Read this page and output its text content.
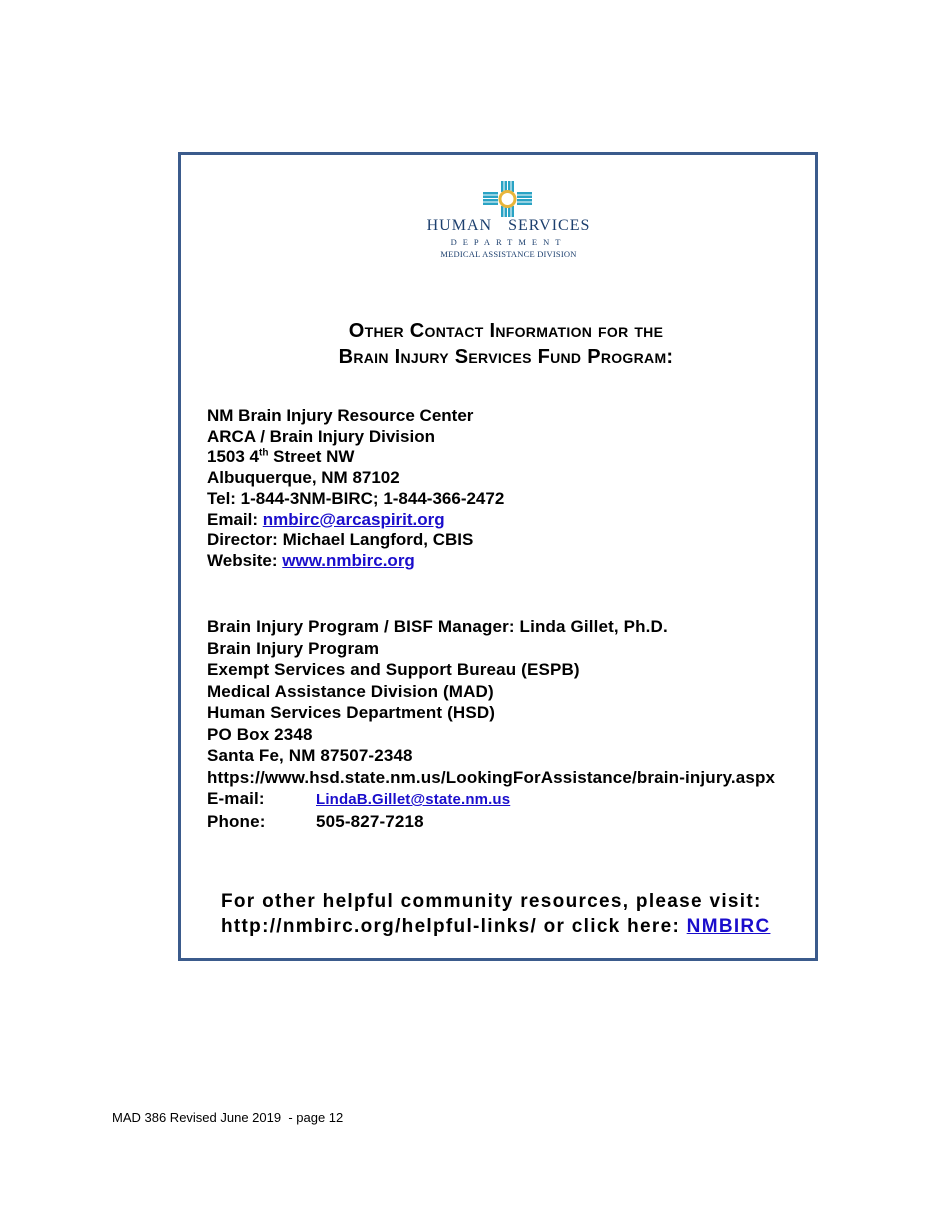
HUMAN SERVICES
DEPARTMENT
MEDICAL ASSISTANCE DIVISION
Other Contact Information for the
Brain Injury Services Fund Program:
NM Brain Injury Resource Center
ARCA / Brain Injury Division
1503 4th Street NW
Albuquerque, NM 87102
Tel: 1-844-3NM-BIRC; 1-844-366-2472
Email: nmbirc@arcaspirit.org
Director: Michael Langford, CBIS
Website: www.nmbirc.org
Brain Injury Program / BISF Manager: Linda Gillet, Ph.D.
Brain Injury Program
Exempt Services and Support Bureau (ESPB)
Medical Assistance Division (MAD)
Human Services Department (HSD)
PO Box 2348
Santa Fe, NM 87507-2348
https://www.hsd.state.nm.us/LookingForAssistance/brain-injury.aspx
E-mail:	LindaB.Gillet@state.nm.us
Phone:	505-827-7218
For other helpful community resources, please visit:
http://nmbirc.org/helpful-links/ or click here: NMBIRC
MAD 386 Revised June 2019  - page 12
